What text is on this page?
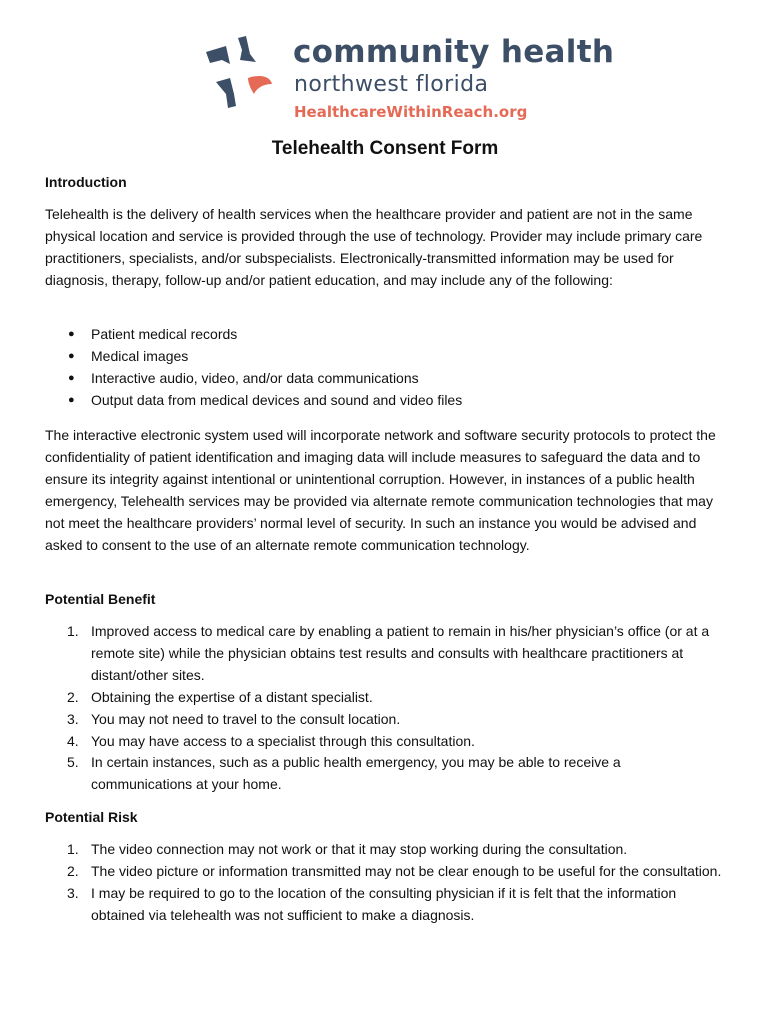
community health
northwest florida
HealthcareWithinReach.org
Telehealth Consent Form
Introduction

Telehealth is the delivery of health services when the healthcare provider and patient are not in the same physical location and service is provided through the use of technology. Provider may include primary care practitioners, specialists, and/or subspecialists. Electronically-transmitted information may be used for diagnosis, therapy, follow-up and/or patient education, and may include any of the following:

● Patient medical records
● Medical images
● Interactive audio, video, and/or data communications
● Output data from medical devices and sound and video files

The interactive electronic system used will incorporate network and software security protocols to protect the confidentiality of patient identification and imaging data will include measures to safeguard the data and to ensure its integrity against intentional or unintentional corruption. However, in instances of a public health emergency, Telehealth services may be provided via alternate remote communication technologies that may not meet the healthcare providers’ normal level of security. In such an instance you would be advised and asked to consent to the use of an alternate remote communication technology.

Potential Benefit
1. Improved access to medical care by enabling a patient to remain in his/her physician’s office (or at a remote site) while the physician obtains test results and consults with healthcare practitioners at distant/other sites.
2. Obtaining the expertise of a distant specialist.
3. You may not need to travel to the consult location.
4. You may have access to a specialist through this consultation.
5. In certain instances, such as a public health emergency, you may be able to receive a communications at your home.
Potential Risk
1. The video connection may not work or that it may stop working during the consultation.
2. The video picture or information transmitted may not be clear enough to be useful for the consultation.
3. I may be required to go to the location of the consulting physician if it is felt that the information obtained via telehealth was not sufficient to make a diagnosis.
